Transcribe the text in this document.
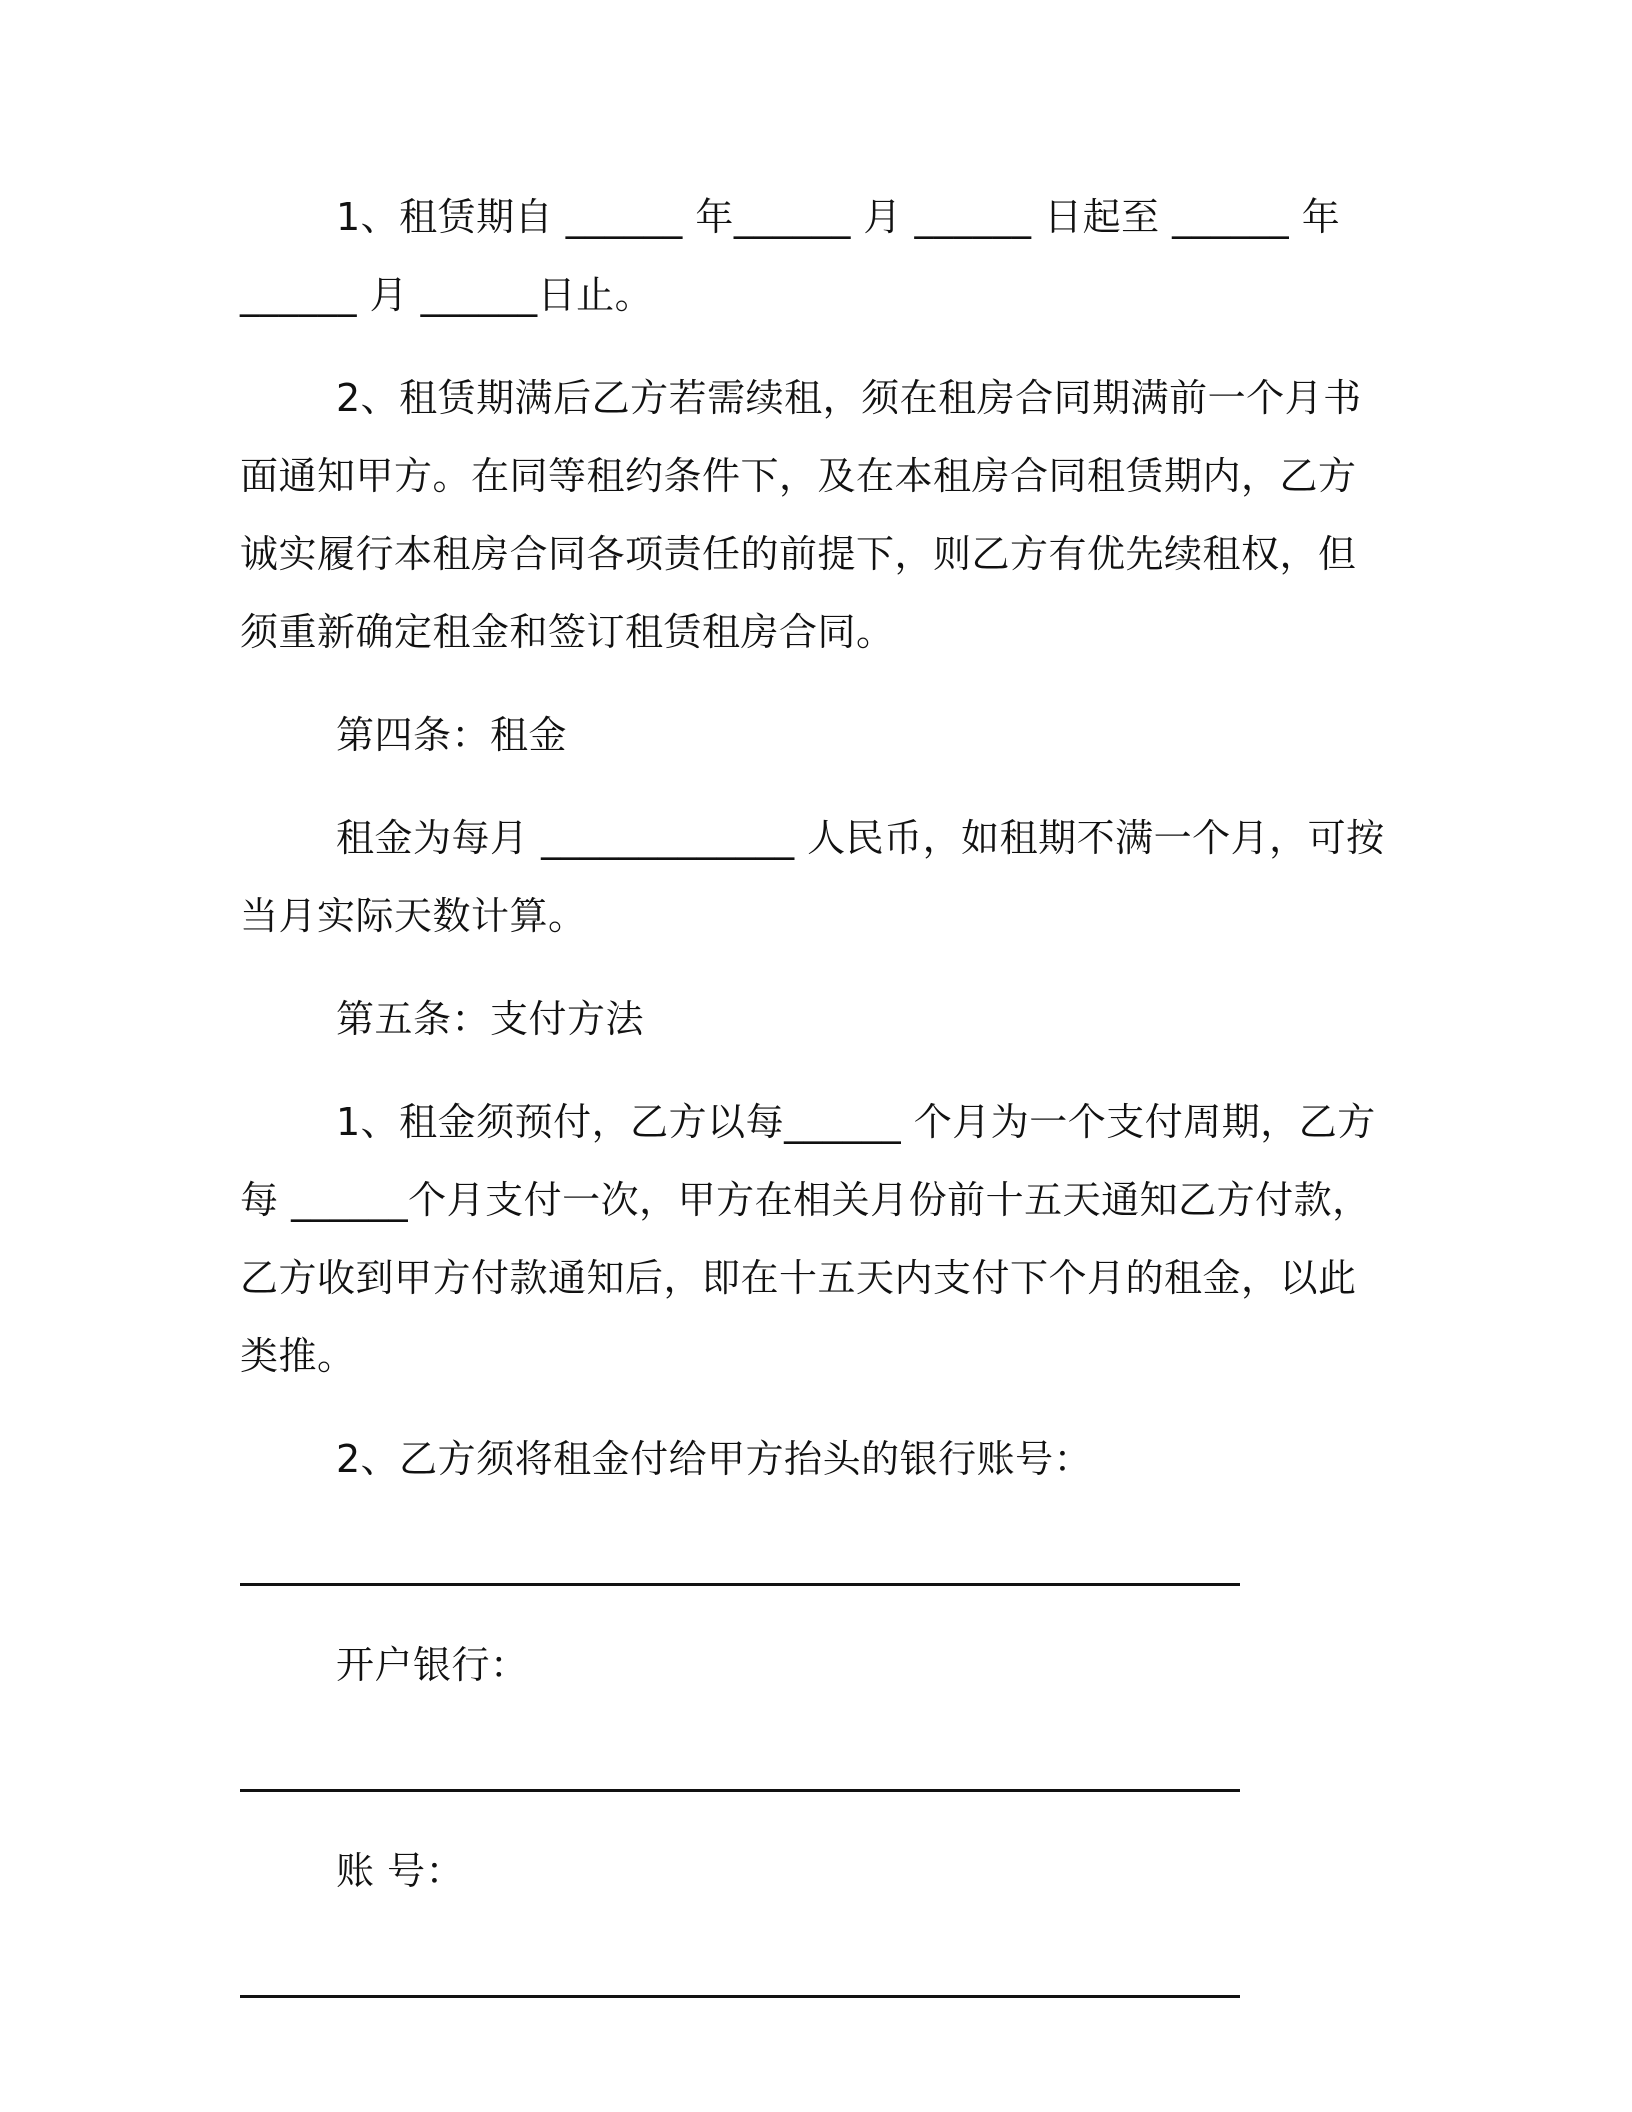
1、租赁期自 ______ 年______ 月 ______ 日起至 ______ 年 ______ 月 ______日止。

2、租赁期满后乙方若需续租，须在租房合同期满前一个月书面通知甲方。在同等租约条件下，及在本租房合同租赁期内，乙方诚实履行本租房合同各项责任的前提下，则乙方有优先续租权，但须重新确定租金和签订租赁租房合同。

第四条：租金

租金为每月 _____________ 人民币，如租期不满一个月，可按当月实际天数计算。

第五条：支付方法

1、租金须预付，乙方以每______ 个月为一个支付周期，乙方每 ______个月支付一次，甲方在相关月份前十五天通知乙方付款，乙方收到甲方付款通知后，即在十五天内支付下个月的租金，以此类推。

2、乙方须将租金付给甲方抬头的银行账号：

开户银行：

账 号：
